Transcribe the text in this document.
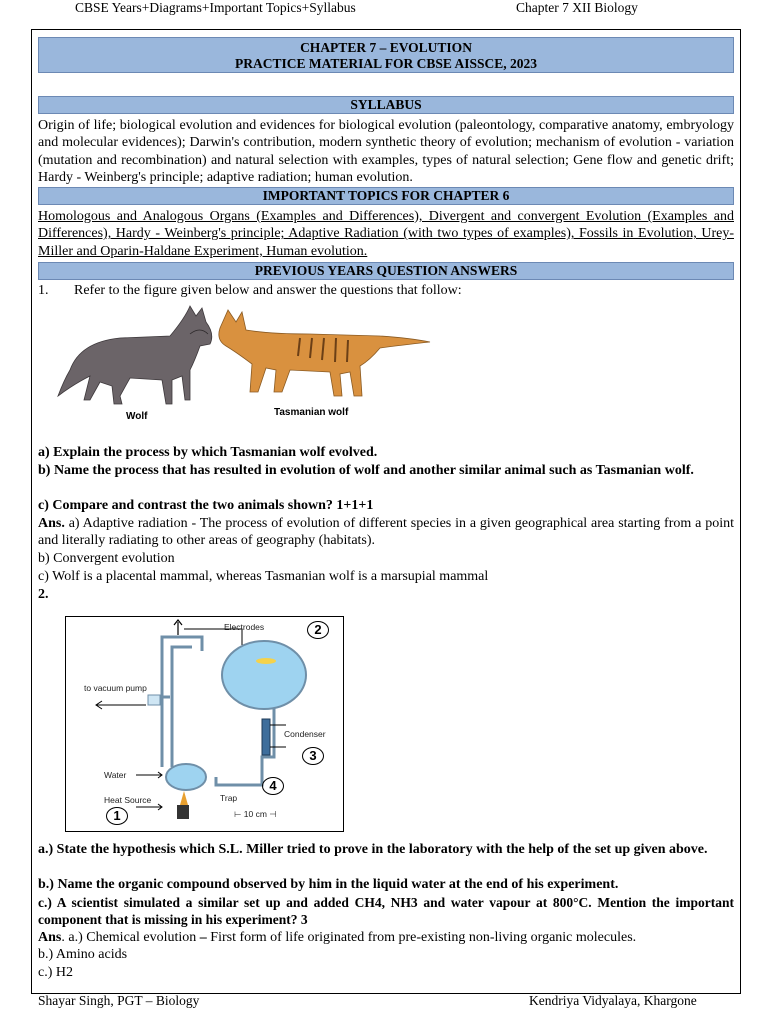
CBSE Years+Diagrams+Important Topics+Syllabus	Chapter 7 XII Biology
CHAPTER 7 – EVOLUTION
PRACTICE MATERIAL FOR CBSE AISSCE, 2023
SYLLABUS
Origin of life; biological evolution and evidences for biological evolution (paleontology, comparative anatomy, embryology and molecular evidences); Darwin's contribution, modern synthetic theory of evolution; mechanism of evolution - variation (mutation and recombination) and natural selection with examples, types of natural selection; Gene flow and genetic drift; Hardy - Weinberg's principle; adaptive radiation; human evolution.
IMPORTANT TOPICS FOR CHAPTER 6
Homologous and Analogous Organs (Examples and Differences), Divergent and convergent Evolution (Examples and Differences), Hardy - Weinberg's principle; Adaptive Radiation (with two types of examples), Fossils in Evolution, Urey-Miller and Oparin-Haldane Experiment, Human evolution.
PREVIOUS YEARS QUESTION ANSWERS
1. Refer to the figure given below and answer the questions that follow:
Wolf	Tasmanian wolf
a) Explain the process by which Tasmanian wolf evolved.
b) Name the process that has resulted in evolution of wolf and another similar animal such as Tasmanian wolf.
c) Compare and contrast the two animals shown? 1+1+1
Ans. a) Adaptive radiation - The process of evolution of different species in a given geographical area starting from a point and literally radiating to other areas of geography (habitats).
b) Convergent evolution
c) Wolf is a placental mammal, whereas Tasmanian wolf is a marsupial mammal
2.
Electrodes	2
to vacuum pump
Condenser
3
Water
4
Heat Source	Trap
⊢ 10 cm ⊣
1
a.) State the hypothesis which S.L. Miller tried to prove in the laboratory with the help of the set up given above.
b.) Name the organic compound observed by him in the liquid water at the end of his experiment.
c.) A scientist simulated a similar set up and added CH4, NH3 and water vapour at 800°C. Mention the important component that is missing in his experiment? 3
Ans. a.) Chemical evolution – First form of life originated from pre-existing non-living organic molecules.
b.) Amino acids
c.) H2
Shayar Singh, PGT – Biology	Kendriya Vidyalaya, Khargone
